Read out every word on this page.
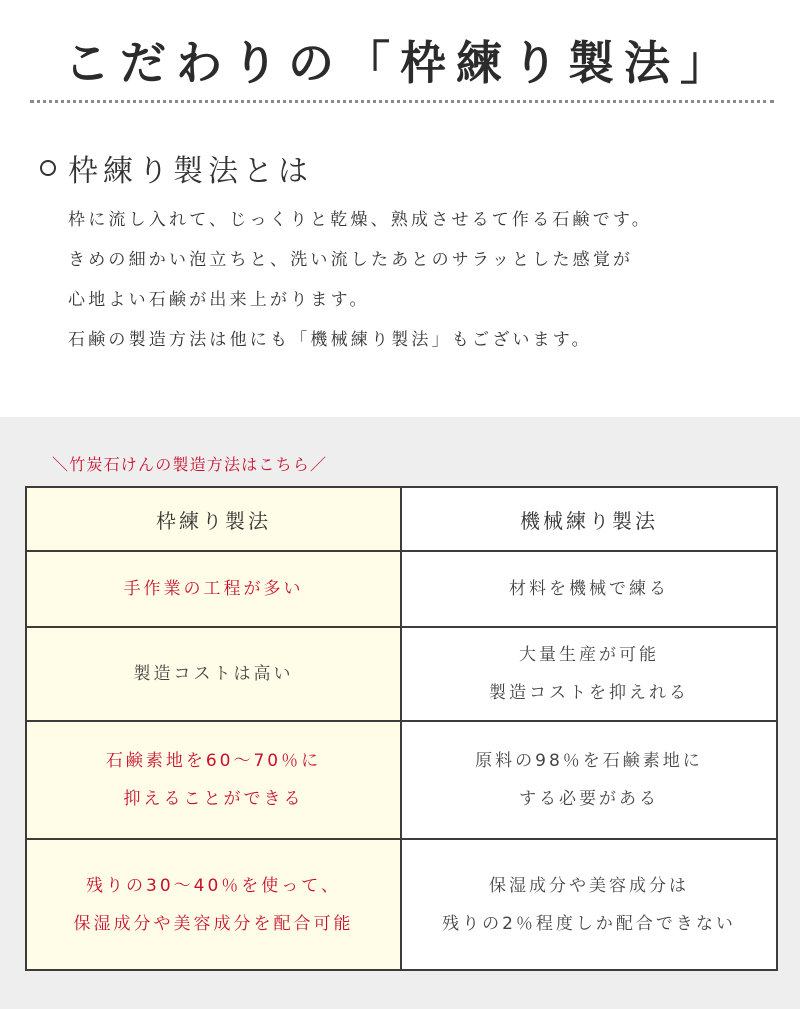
こだわりの「枠練り製法」
枠練り製法とは
枠に流し入れて、じっくりと乾燥、熟成させるて作る石鹸です。
きめの細かい泡立ちと、洗い流したあとのサラッとした感覚が
心地よい石鹸が出来上がります。
石鹸の製造方法は他にも「機械練り製法」もございます。
＼竹炭石けんの製造方法はこちら／
枠練り製法	機械練り製法

手作業の工程が多い	材料を機械で練る

製造コストは高い	大量生産が可能
製造コストを抑えれる

石鹸素地を60〜70％に
抑えることができる	原料の98％を石鹸素地に
する必要がある

残りの30〜40％を使って、
保湿成分や美容成分を配合可能	保湿成分や美容成分は
残りの2％程度しか配合できない
